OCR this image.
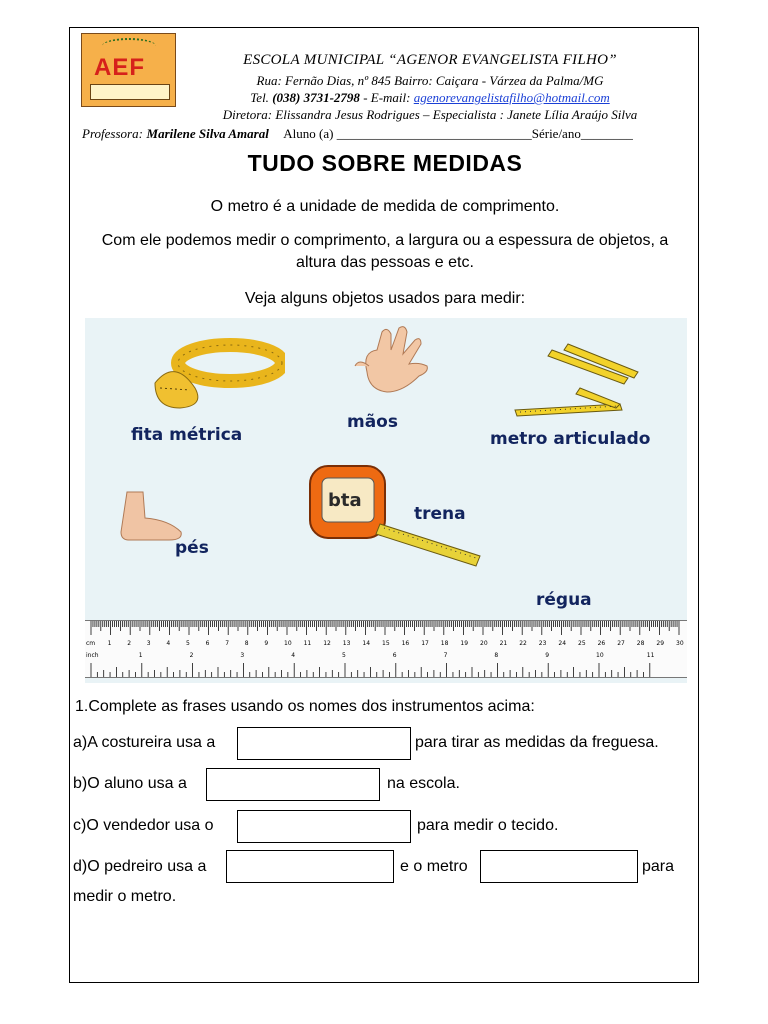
AEF	ESCOLA MUNICIPAL “AGENOR EVANGELISTA FILHO”
Rua: Fernão Dias, nº 845 Bairro: Caiçara - Várzea da Palma/MG
Tel. (038) 3731-2798 - E-mail: agenorevangelistafilho@hotmail.com
Diretora: Elissandra Jesus Rodrigues – Especialista : Janete Lília Araújo Silva
Professora: Marilene Silva Amaral Aluno (a) ______________________________Série/ano________
TUDO SOBRE MEDIDAS
O metro é a unidade de medida de comprimento.
Com ele podemos medir o comprimento, a largura ou a espessura de objetos, a altura das pessoas e etc.
Veja alguns objetos usados para medir:
fita métrica
mãos
metro articulado
pés
bta
trena
régua
cm 1	2	3	4	5	6	7	8	9	10 11 12 13 14 15 16 17 18 19 20 21 22 23 24 25 26 27 28 29 30
inch	1	2	3	4	5	6	7	8	9	10	11
1.Complete as frases usando os nomes dos instrumentos acima:
a)A costureira usa a	para tirar as medidas da freguesa.
b)O aluno usa a	na escola.
c)O vendedor usa o	para medir o tecido.
d)O pedreiro usa a	e o metro	para
medir o metro.
